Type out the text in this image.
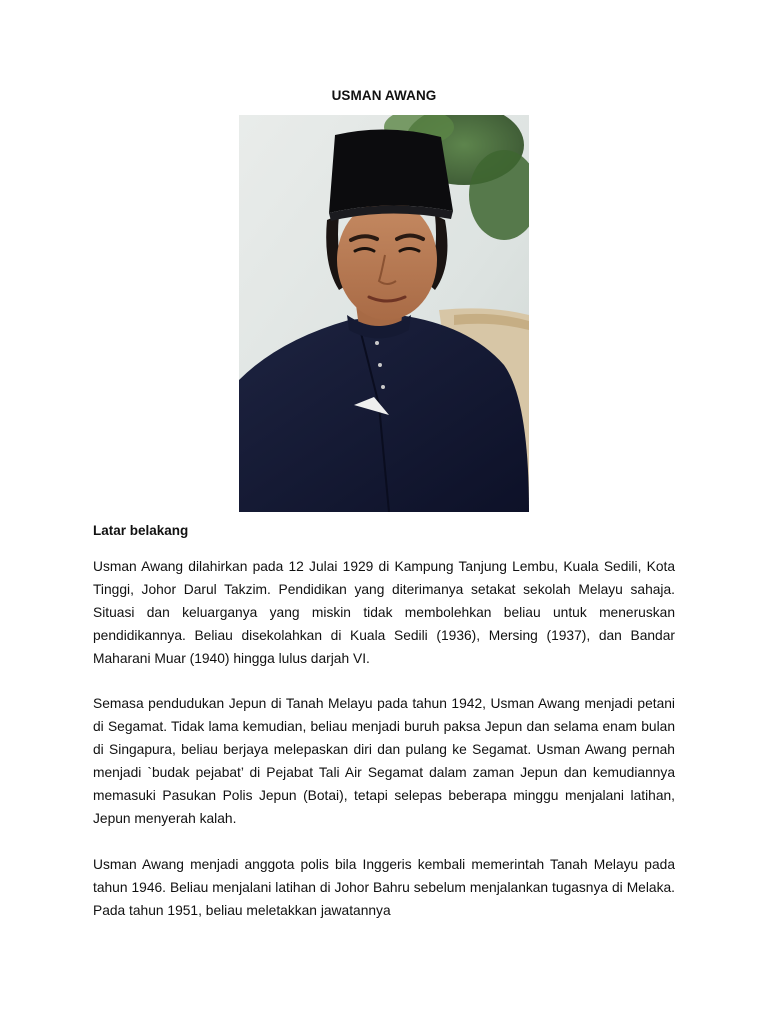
USMAN AWANG
Latar belakang

Usman Awang dilahirkan pada 12 Julai 1929 di Kampung Tanjung Lembu, Kuala Sedili, Kota Tinggi, Johor Darul Takzim. Pendidikan yang diterimanya setakat sekolah Melayu sahaja. Situasi dan keluarganya yang miskin tidak membolehkan beliau untuk meneruskan pendidikannya. Beliau disekolahkan di Kuala Sedili (1936), Mersing (1937), dan Bandar Maharani Muar (1940) hingga lulus darjah VI.

Semasa pendudukan Jepun di Tanah Melayu pada tahun 1942, Usman Awang menjadi petani di Segamat. Tidak lama kemudian, beliau menjadi buruh paksa Jepun dan selama enam bulan di Singapura, beliau berjaya melepaskan diri dan pulang ke Segamat. Usman Awang pernah menjadi `budak pejabat’ di Pejabat Tali Air Segamat dalam zaman Jepun dan kemudiannya memasuki Pasukan Polis Jepun (Botai), tetapi selepas beberapa minggu menjalani latihan, Jepun menyerah kalah.

Usman Awang menjadi anggota polis bila Inggeris kembali memerintah Tanah Melayu pada tahun 1946. Beliau menjalani latihan di Johor Bahru sebelum menjalankan tugasnya di Melaka. Pada tahun 1951, beliau meletakkan jawatannya
